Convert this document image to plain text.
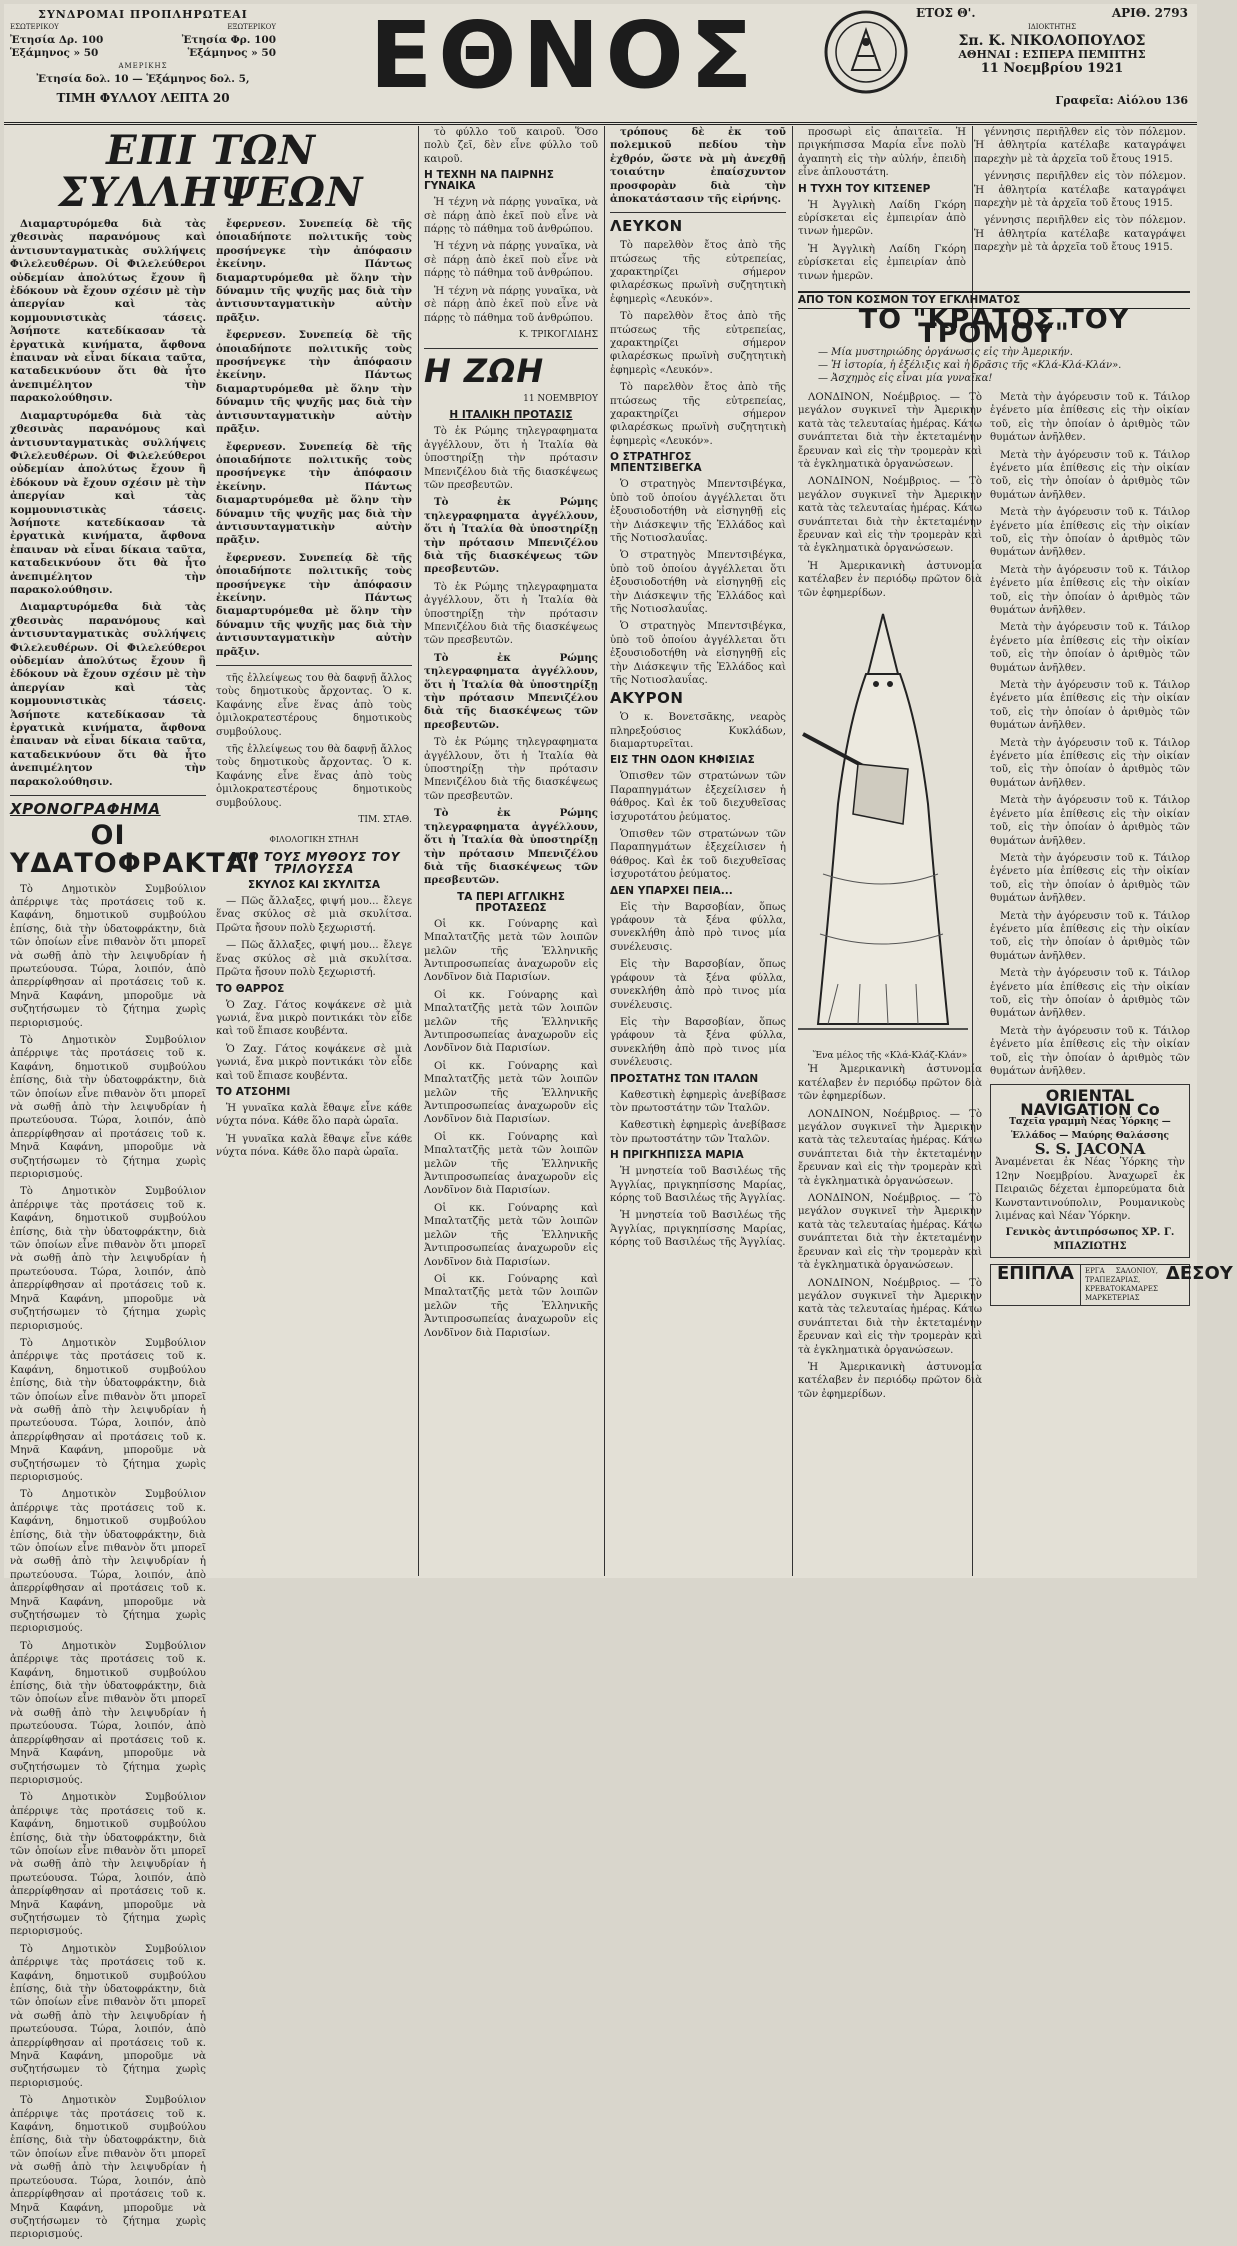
ΣΥΝΔΡΟΜΑΙ ΠΡΟΠΛΗΡΩΤΕΑΙ
ΕΣΩΤΕΡΙΚΟΥ	ΕΞΩΤΕΡΙΚΟΥ
Ἐτησία Δρ. 100	Ἐτησία Φρ. 100
Ἑξάμηνος » 50	Ἑξάμηνος » 50
ΑΜΕΡΙΚΗΣ
Ἐτησία δολ. 10 — Ἑξάμηνος δολ. 5,
ΤΙΜΗ ΦΥΛΛΟΥ ΛΕΠΤΑ 20	ΕΘΝΟΣ	ΕΤΟΣ Θ'.	ΑΡΙΘ. 2793
ΙΔΙΟΚΤΗΤΗΣ
Σπ. Κ. ΝΙΚΟΛΟΠΟΥΛΟΣ
ΑΘΗΝΑΙ : ΕΣΠΕΡΑ ΠΕΜΠΤΗΣ
11 Νοεμβρίου 1921
Γραφεῖα: Αἰόλου 136
ΕΠΙ ΤΩΝ ΣΥΛΛΗΨΕΩΝ

Διαμαρτυρόμεθα διὰ τὰς χθεσινὰς παρανόμους καὶ ἀντισυνταγματικὰς συλλήψεις Φιλελευθέρων. Οἱ Φιλελεύθεροι οὐδεμίαν ἀπολύτως ἔχουν ἢ ἐδόκουν νὰ ἔχουν σχέσιν μὲ τὴν ἀπεργίαν καὶ τὰς κομμουνιστικὰς τάσεις. Ἀσήποτε κατεδίκασαν τὰ ἐργατικὰ κινήματα, ἄφθονα ἐπαιναν νὰ εἶναι δίκαια ταῦτα, καταδεικνύουν ὅτι θὰ ἦτο ἀνεπιμέλητον τὴν παρακολούθησιν.

Διαμαρτυρόμεθα διὰ τὰς χθεσινὰς παρανόμους καὶ ἀντισυνταγματικὰς συλλήψεις Φιλελευθέρων. Οἱ Φιλελεύθεροι οὐδεμίαν ἀπολύτως ἔχουν ἢ ἐδόκουν νὰ ἔχουν σχέσιν μὲ τὴν ἀπεργίαν καὶ τὰς κομμουνιστικὰς τάσεις. Ἀσήποτε κατεδίκασαν τὰ ἐργατικὰ κινήματα, ἄφθονα ἐπαιναν νὰ εἶναι δίκαια ταῦτα, καταδεικνύουν ὅτι θὰ ἦτο ἀνεπιμέλητον τὴν παρακολούθησιν.

Διαμαρτυρόμεθα διὰ τὰς χθεσινὰς παρανόμους καὶ ἀντισυνταγματικὰς συλλήψεις Φιλελευθέρων. Οἱ Φιλελεύθεροι οὐδεμίαν ἀπολύτως ἔχουν ἢ ἐδόκουν νὰ ἔχουν σχέσιν μὲ τὴν ἀπεργίαν καὶ τὰς κομμουνιστικὰς τάσεις. Ἀσήποτε κατεδίκασαν τὰ ἐργατικὰ κινήματα, ἄφθονα ἐπαιναν νὰ εἶναι δίκαια ταῦτα, καταδεικνύουν ὅτι θὰ ἦτο ἀνεπιμέλητον τὴν παρακολούθησιν.

ΧΡΟΝΟΓΡΑΦΗΜΑ
ΟΙ ΥΔΑΤΟΦΡΑΚΤΑΙ

Τὸ Δημοτικὸν Συμβούλιον ἀπέρριψε τὰς προτάσεις τοῦ κ. Καφάνη, δημοτικοῦ συμβούλου ἐπίσης, διὰ τὴν ὑδατοφράκτην, διὰ τῶν ὁποίων εἶνε πιθανὸν ὅτι μπορεῖ νὰ σωθῇ ἀπὸ τὴν λειψυδρίαν ἡ πρωτεύουσα. Τώρα, λοιπόν, ἀπὸ ἀπερρίφθησαν αἱ προτάσεις τοῦ κ. Μηνᾶ Καφάνη, μποροῦμε νὰ συζητήσωμεν τὸ ζήτημα χωρὶς περιορισμούς.

Τὸ Δημοτικὸν Συμβούλιον ἀπέρριψε τὰς προτάσεις τοῦ κ. Καφάνη, δημοτικοῦ συμβούλου ἐπίσης, διὰ τὴν ὑδατοφράκτην, διὰ τῶν ὁποίων εἶνε πιθανὸν ὅτι μπορεῖ νὰ σωθῇ ἀπὸ τὴν λειψυδρίαν ἡ πρωτεύουσα. Τώρα, λοιπόν, ἀπὸ ἀπερρίφθησαν αἱ προτάσεις τοῦ κ. Μηνᾶ Καφάνη, μποροῦμε νὰ συζητήσωμεν τὸ ζήτημα χωρὶς περιορισμούς.

Τὸ Δημοτικὸν Συμβούλιον ἀπέρριψε τὰς προτάσεις τοῦ κ. Καφάνη, δημοτικοῦ συμβούλου ἐπίσης, διὰ τὴν ὑδατοφράκτην, διὰ τῶν ὁποίων εἶνε πιθανὸν ὅτι μπορεῖ νὰ σωθῇ ἀπὸ τὴν λειψυδρίαν ἡ πρωτεύουσα. Τώρα, λοιπόν, ἀπὸ ἀπερρίφθησαν αἱ προτάσεις τοῦ κ. Μηνᾶ Καφάνη, μποροῦμε νὰ συζητήσωμεν τὸ ζήτημα χωρὶς περιορισμούς.

Τὸ Δημοτικὸν Συμβούλιον ἀπέρριψε τὰς προτάσεις τοῦ κ. Καφάνη, δημοτικοῦ συμβούλου ἐπίσης, διὰ τὴν ὑδατοφράκτην, διὰ τῶν ὁποίων εἶνε πιθανὸν ὅτι μπορεῖ νὰ σωθῇ ἀπὸ τὴν λειψυδρίαν ἡ πρωτεύουσα. Τώρα, λοιπόν, ἀπὸ ἀπερρίφθησαν αἱ προτάσεις τοῦ κ. Μηνᾶ Καφάνη, μποροῦμε νὰ συζητήσωμεν τὸ ζήτημα χωρὶς περιορισμούς.

Τὸ Δημοτικὸν Συμβούλιον ἀπέρριψε τὰς προτάσεις τοῦ κ. Καφάνη, δημοτικοῦ συμβούλου ἐπίσης, διὰ τὴν ὑδατοφράκτην, διὰ τῶν ὁποίων εἶνε πιθανὸν ὅτι μπορεῖ νὰ σωθῇ ἀπὸ τὴν λειψυδρίαν ἡ πρωτεύουσα. Τώρα, λοιπόν, ἀπὸ ἀπερρίφθησαν αἱ προτάσεις τοῦ κ. Μηνᾶ Καφάνη, μποροῦμε νὰ συζητήσωμεν τὸ ζήτημα χωρὶς περιορισμούς.

Τὸ Δημοτικὸν Συμβούλιον ἀπέρριψε τὰς προτάσεις τοῦ κ. Καφάνη, δημοτικοῦ συμβούλου ἐπίσης, διὰ τὴν ὑδατοφράκτην, διὰ τῶν ὁποίων εἶνε πιθανὸν ὅτι μπορεῖ νὰ σωθῇ ἀπὸ τὴν λειψυδρίαν ἡ πρωτεύουσα. Τώρα, λοιπόν, ἀπὸ ἀπερρίφθησαν αἱ προτάσεις τοῦ κ. Μηνᾶ Καφάνη, μποροῦμε νὰ συζητήσωμεν τὸ ζήτημα χωρὶς περιορισμούς.

Τὸ Δημοτικὸν Συμβούλιον ἀπέρριψε τὰς προτάσεις τοῦ κ. Καφάνη, δημοτικοῦ συμβούλου ἐπίσης, διὰ τὴν ὑδατοφράκτην, διὰ τῶν ὁποίων εἶνε πιθανὸν ὅτι μπορεῖ νὰ σωθῇ ἀπὸ τὴν λειψυδρίαν ἡ πρωτεύουσα. Τώρα, λοιπόν, ἀπὸ ἀπερρίφθησαν αἱ προτάσεις τοῦ κ. Μηνᾶ Καφάνη, μποροῦμε νὰ συζητήσωμεν τὸ ζήτημα χωρὶς περιορισμούς.

Τὸ Δημοτικὸν Συμβούλιον ἀπέρριψε τὰς προτάσεις τοῦ κ. Καφάνη, δημοτικοῦ συμβούλου ἐπίσης, διὰ τὴν ὑδατοφράκτην, διὰ τῶν ὁποίων εἶνε πιθανὸν ὅτι μπορεῖ νὰ σωθῇ ἀπὸ τὴν λειψυδρίαν ἡ πρωτεύουσα. Τώρα, λοιπόν, ἀπὸ ἀπερρίφθησαν αἱ προτάσεις τοῦ κ. Μηνᾶ Καφάνη, μποροῦμε νὰ συζητήσωμεν τὸ ζήτημα χωρὶς περιορισμούς.

Τὸ Δημοτικὸν Συμβούλιον ἀπέρριψε τὰς προτάσεις τοῦ κ. Καφάνη, δημοτικοῦ συμβούλου ἐπίσης, διὰ τὴν ὑδατοφράκτην, διὰ τῶν ὁποίων εἶνε πιθανὸν ὅτι μπορεῖ νὰ σωθῇ ἀπὸ τὴν λειψυδρίαν ἡ πρωτεύουσα. Τώρα, λοιπόν, ἀπὸ ἀπερρίφθησαν αἱ προτάσεις τοῦ κ. Μηνᾶ Καφάνη, μποροῦμε νὰ συζητήσωμεν τὸ ζήτημα χωρὶς περιορισμούς.

ἔφερνεσν. Συνεπείᾳ δὲ τῆς ὁποιαδήποτε πολιτικῆς τοὺς προσήνεγκε τὴν ἀπόφασιν ἐκείνην. Πάντως διαμαρτυρόμεθα μὲ ὅλην τὴν δύναμιν τῆς ψυχῆς μας διὰ τὴν ἀντισυνταγματικὴν αὐτὴν πρᾶξιν.

ἔφερνεσν. Συνεπείᾳ δὲ τῆς ὁποιαδήποτε πολιτικῆς τοὺς προσήνεγκε τὴν ἀπόφασιν ἐκείνην. Πάντως διαμαρτυρόμεθα μὲ ὅλην τὴν δύναμιν τῆς ψυχῆς μας διὰ τὴν ἀντισυνταγματικὴν αὐτὴν πρᾶξιν.

ἔφερνεσν. Συνεπείᾳ δὲ τῆς ὁποιαδήποτε πολιτικῆς τοὺς προσήνεγκε τὴν ἀπόφασιν ἐκείνην. Πάντως διαμαρτυρόμεθα μὲ ὅλην τὴν δύναμιν τῆς ψυχῆς μας διὰ τὴν ἀντισυνταγματικὴν αὐτὴν πρᾶξιν.

ἔφερνεσν. Συνεπείᾳ δὲ τῆς ὁποιαδήποτε πολιτικῆς τοὺς προσήνεγκε τὴν ἀπόφασιν ἐκείνην. Πάντως διαμαρτυρόμεθα μὲ ὅλην τὴν δύναμιν τῆς ψυχῆς μας διὰ τὴν ἀντισυνταγματικὴν αὐτὴν πρᾶξιν.

τῆς ἐλλείψεως του θὰ δαφνῇ ἄλλος τοὺς δημοτικοὺς ἄρχοντας. Ὁ κ. Καφάνης εἶνε ἕνας ἀπὸ τοὺς ὁμιλοκρατεστέρους δημοτικοὺς συμβούλους.

τῆς ἐλλείψεως του θὰ δαφνῇ ἄλλος τοὺς δημοτικοὺς ἄρχοντας. Ὁ κ. Καφάνης εἶνε ἕνας ἀπὸ τοὺς ὁμιλοκρατεστέρους δημοτικοὺς συμβούλους.

ΤΙΜ. ΣΤΑΘ.
ΦΙΛΟΛΟΓΙΚΗ ΣΤΗΛΗ
ΑΠΟ ΤΟΥΣ ΜΥΘΟΥΣ ΤΟΥ ΤΡΙΛΟΥΣΣΑ
ΣΚΥΛΟΣ ΚΑΙ ΣΚΥΛΙΤΣΑ

— Πῶς ἄλλαξες, φιψή μου... ἔλεγε ἕνας σκύλος σὲ μιὰ σκυλίτσα. Πρῶτα ἤσουν πολὺ ξεχωριστή.

— Πῶς ἄλλαξες, φιψή μου... ἔλεγε ἕνας σκύλος σὲ μιὰ σκυλίτσα. Πρῶτα ἤσουν πολὺ ξεχωριστή.

ΤΟ ΘΑΡΡΟΣ

Ὁ Ζαχ. Γάτος κοψάκενε σὲ μιὰ γωνιά, ἕνα μικρὸ ποντικάκι τὸν εἶδε καὶ τοῦ ἔπιασε κουβέντα.

Ὁ Ζαχ. Γάτος κοψάκενε σὲ μιὰ γωνιά, ἕνα μικρὸ ποντικάκι τὸν εἶδε καὶ τοῦ ἔπιασε κουβέντα.

ΤΟ ΑΤΣΟΗΜΙ

Ἡ γυναῖκα καλὰ ἔθαψε εἶνε κάθε νύχτα πόνα. Κάθε ὅλο παρὰ ὡραῖα.

Ἡ γυναῖκα καλὰ ἔθαψε εἶνε κάθε νύχτα πόνα. Κάθε ὅλο παρὰ ὡραῖα.

τὸ φύλλο τοῦ καιροῦ. Ὅσο πολὺ ζεῖ, δὲν εἶνε φύλλο τοῦ καιροῦ.

Η ΤΕΧΝΗ ΝΑ ΠΑΙΡΝΗΣ ΓΥΝΑΙΚΑ

Ἡ τέχνη νὰ πάρῃς γυναῖκα, νὰ σὲ πάρῃ ἀπὸ ἐκεῖ ποὺ εἶνε νὰ πάρῃς τὸ πάθημα τοῦ ἀνθρώπου.

Ἡ τέχνη νὰ πάρῃς γυναῖκα, νὰ σὲ πάρῃ ἀπὸ ἐκεῖ ποὺ εἶνε νὰ πάρῃς τὸ πάθημα τοῦ ἀνθρώπου.

Ἡ τέχνη νὰ πάρῃς γυναῖκα, νὰ σὲ πάρῃ ἀπὸ ἐκεῖ ποὺ εἶνε νὰ πάρῃς τὸ πάθημα τοῦ ἀνθρώπου.

Κ. ΤΡΙΚΟΓΛΙΔΗΣ
Η ΖΩΗ
11 ΝΟΕΜΒΡΙΟΥ
Η ΙΤΑΛΙΚΗ ΠΡΟΤΑΣΙΣ

Τὸ ἐκ Ρώμης τηλεγραφηματα ἀγγέλλουν, ὅτι ἡ Ἰταλία θὰ ὑποστηρίξῃ τὴν πρότασιν Μπενιζέλου διὰ τῆς διασκέψεως τῶν πρεσβευτῶν.

Τὸ ἐκ Ρώμης τηλεγραφηματα ἀγγέλλουν, ὅτι ἡ Ἰταλία θὰ ὑποστηρίξῃ τὴν πρότασιν Μπενιζέλου διὰ τῆς διασκέψεως τῶν πρεσβευτῶν.

Τὸ ἐκ Ρώμης τηλεγραφηματα ἀγγέλλουν, ὅτι ἡ Ἰταλία θὰ ὑποστηρίξῃ τὴν πρότασιν Μπενιζέλου διὰ τῆς διασκέψεως τῶν πρεσβευτῶν.

Τὸ ἐκ Ρώμης τηλεγραφηματα ἀγγέλλουν, ὅτι ἡ Ἰταλία θὰ ὑποστηρίξῃ τὴν πρότασιν Μπενιζέλου διὰ τῆς διασκέψεως τῶν πρεσβευτῶν.

Τὸ ἐκ Ρώμης τηλεγραφηματα ἀγγέλλουν, ὅτι ἡ Ἰταλία θὰ ὑποστηρίξῃ τὴν πρότασιν Μπενιζέλου διὰ τῆς διασκέψεως τῶν πρεσβευτῶν.

Τὸ ἐκ Ρώμης τηλεγραφηματα ἀγγέλλουν, ὅτι ἡ Ἰταλία θὰ ὑποστηρίξῃ τὴν πρότασιν Μπενιζέλου διὰ τῆς διασκέψεως τῶν πρεσβευτῶν.

ΤΑ ΠΕΡΙ ΑΓΓΛΙΚΗΣ ΠΡΟΤΑΣΕΩΣ

Οἱ κκ. Γούναρης καὶ Μπαλτατζῆς μετὰ τῶν λοιπῶν μελῶν τῆς Ἑλληνικῆς Ἀντιπροσωπείας ἀναχωροῦν εἰς Λονδῖνον διὰ Παρισίων.

Οἱ κκ. Γούναρης καὶ Μπαλτατζῆς μετὰ τῶν λοιπῶν μελῶν τῆς Ἑλληνικῆς Ἀντιπροσωπείας ἀναχωροῦν εἰς Λονδῖνον διὰ Παρισίων.

Οἱ κκ. Γούναρης καὶ Μπαλτατζῆς μετὰ τῶν λοιπῶν μελῶν τῆς Ἑλληνικῆς Ἀντιπροσωπείας ἀναχωροῦν εἰς Λονδῖνον διὰ Παρισίων.

Οἱ κκ. Γούναρης καὶ Μπαλτατζῆς μετὰ τῶν λοιπῶν μελῶν τῆς Ἑλληνικῆς Ἀντιπροσωπείας ἀναχωροῦν εἰς Λονδῖνον διὰ Παρισίων.

Οἱ κκ. Γούναρης καὶ Μπαλτατζῆς μετὰ τῶν λοιπῶν μελῶν τῆς Ἑλληνικῆς Ἀντιπροσωπείας ἀναχωροῦν εἰς Λονδῖνον διὰ Παρισίων.

Οἱ κκ. Γούναρης καὶ Μπαλτατζῆς μετὰ τῶν λοιπῶν μελῶν τῆς Ἑλληνικῆς Ἀντιπροσωπείας ἀναχωροῦν εἰς Λονδῖνον διὰ Παρισίων.

τρόπους δὲ ἐκ τοῦ πολεμικοῦ πεδίου τὴν ἐχθρόν, ὥστε νὰ μὴ ἀνεχθῇ τοιαύτην ἐπαίσχυντον προσφορὰν διὰ τὴν ἀποκατάστασιν τῆς εἰρήνης.

ΛΕΥΚΟΝ

Τὸ παρελθὸν ἔτος ἀπὸ τῆς πτώσεως τῆς εὐτρεπείας, χαρακτηρίζει σήμερον φιλαρέσκως πρωϊνὴ συζητητικὴ ἐφημερὶς «Λευκόν».

Τὸ παρελθὸν ἔτος ἀπὸ τῆς πτώσεως τῆς εὐτρεπείας, χαρακτηρίζει σήμερον φιλαρέσκως πρωϊνὴ συζητητικὴ ἐφημερὶς «Λευκόν».

Τὸ παρελθὸν ἔτος ἀπὸ τῆς πτώσεως τῆς εὐτρεπείας, χαρακτηρίζει σήμερον φιλαρέσκως πρωϊνὴ συζητητικὴ ἐφημερὶς «Λευκόν».

Ο ΣΤΡΑΤΗΓΟΣ ΜΠΕΝΤΣΙΒΕΓΚΑ

Ὁ στρατηγὸς Μπεντσιβέγκα, ὑπὸ τοῦ ὁποίου ἀγγέλλεται ὅτι ἐξουσιοδοτήθη νὰ εἰσηγηθῇ εἰς τὴν Διάσκεψιν τῆς Ἑλλάδος καὶ τῆς Νοτιοσλαυΐας.

Ὁ στρατηγὸς Μπεντσιβέγκα, ὑπὸ τοῦ ὁποίου ἀγγέλλεται ὅτι ἐξουσιοδοτήθη νὰ εἰσηγηθῇ εἰς τὴν Διάσκεψιν τῆς Ἑλλάδος καὶ τῆς Νοτιοσλαυΐας.

Ὁ στρατηγὸς Μπεντσιβέγκα, ὑπὸ τοῦ ὁποίου ἀγγέλλεται ὅτι ἐξουσιοδοτήθη νὰ εἰσηγηθῇ εἰς τὴν Διάσκεψιν τῆς Ἑλλάδος καὶ τῆς Νοτιοσλαυΐας.

ΑΚΥΡΟΝ

Ὁ κ. Βονετσᾶκης, νεαρὸς πληρεξούσιος Κυκλάδων, διαμαρτυρεῖται.

ΕΙΣ ΤΗΝ ΟΔΟΝ ΚΗΦΙΣΙΑΣ

Ὁπισθεν τῶν στρατώνων τῶν Παραπηγμάτων ἐξεχείλισεν ἡ θάθρος. Καὶ ἐκ τοῦ διεχυθεῖσας ἰσχυροτάτου ῥεύματος.

Ὁπισθεν τῶν στρατώνων τῶν Παραπηγμάτων ἐξεχείλισεν ἡ θάθρος. Καὶ ἐκ τοῦ διεχυθεῖσας ἰσχυροτάτου ῥεύματος.

ΔΕΝ ΥΠΑΡΧΕΙ ΠΕΙΑ...

Εἰς τὴν Βαρσοβίαν, ὅπως γράφουν τὰ ξένα φύλλα, συνεκλήθη ἀπὸ πρὸ τινος μία συνέλευσις.

Εἰς τὴν Βαρσοβίαν, ὅπως γράφουν τὰ ξένα φύλλα, συνεκλήθη ἀπὸ πρὸ τινος μία συνέλευσις.

Εἰς τὴν Βαρσοβίαν, ὅπως γράφουν τὰ ξένα φύλλα, συνεκλήθη ἀπὸ πρὸ τινος μία συνέλευσις.

ΠΡΟΣΤΑΤΗΣ ΤΩΝ ΙΤΑΛΩΝ

Καθεστικὴ ἐφημερὶς ἀνεβίβασε τὸν πρωτοστάτην τῶν Ἰταλῶν.

Καθεστικὴ ἐφημερὶς ἀνεβίβασε τὸν πρωτοστάτην τῶν Ἰταλῶν.

Η ΠΡΙΓΚΗΠΙΣΣΑ ΜΑΡΙΑ

Ἡ μνηστεία τοῦ Βασιλέως τῆς Ἀγγλίας, πριγκηπίσσης Μαρίας, κόρης τοῦ Βασιλέως τῆς Ἀγγλίας.

Ἡ μνηστεία τοῦ Βασιλέως τῆς Ἀγγλίας, πριγκηπίσσης Μαρίας, κόρης τοῦ Βασιλέως τῆς Ἀγγλίας.

προσωρὶ εἰς ἀπαιτεῖα. Ἡ πριγκήπισσα Μαρία εἶνε πολὺ ἀγαπητὴ εἰς τὴν αὐλήν, ἐπειδὴ εἶνε ἀπλουστάτη.

Η ΤΥΧΗ ΤΟΥ ΚΙΤΣΕΝΕΡ

Ἡ Ἀγγλικὴ Λαίδη Γκόρη εὐρίσκεται εἰς ἐμπειρίαν ἀπὸ τινων ἡμερῶν.

Ἡ Ἀγγλικὴ Λαίδη Γκόρη εὐρίσκεται εἰς ἐμπειρίαν ἀπὸ τινων ἡμερῶν.

γέννησις περιῆλθεν εἰς τὸν πόλεμον. Ἡ ἀθλητρία κατέλαβε καταγράψει παρεχὴν μὲ τὰ ἀρχεῖα τοῦ ἔτους 1915.

γέννησις περιῆλθεν εἰς τὸν πόλεμον. Ἡ ἀθλητρία κατέλαβε καταγράψει παρεχὴν μὲ τὰ ἀρχεῖα τοῦ ἔτους 1915.

γέννησις περιῆλθεν εἰς τὸν πόλεμον. Ἡ ἀθλητρία κατέλαβε καταγράψει παρεχὴν μὲ τὰ ἀρχεῖα τοῦ ἔτους 1915.

ΑΠΟ ΤΟΝ ΚΟΣΜΟΝ ΤΟΥ ΕΓΚΛΗΜΑΤΟΣ
ΤΟ "ΚΡΑΤΟΣ ΤΟΥ ΤΡΟΜΟΥ"
— Μία μυστηριώδης ὀργάνωσις εἰς τὴν Ἀμερικήν.
— Ἡ ἱστορία, ἡ ἐξέλιξις καὶ ἡ δρᾶσις τῆς «Κλά-Κλά-Κλάν».
— Ἀσχημὸς εἰς εἶναι μία γυναῖκα!

ΛΟΝΔΙΝΟΝ, Νοέμβριος. — Τὸ μεγάλον συγκινεῖ τὴν Ἀμερικὴν κατὰ τὰς τελευταίας ἡμέρας. Κάτω συνάπτεται διὰ τὴν ἐκτεταμένην ἔρευναν καὶ εἰς τὴν τρομερὰν καὶ τὰ ἐγκληματικὰ ὀργανώσεων.

ΛΟΝΔΙΝΟΝ, Νοέμβριος. — Τὸ μεγάλον συγκινεῖ τὴν Ἀμερικὴν κατὰ τὰς τελευταίας ἡμέρας. Κάτω συνάπτεται διὰ τὴν ἐκτεταμένην ἔρευναν καὶ εἰς τὴν τρομερὰν καὶ τὰ ἐγκληματικὰ ὀργανώσεων.

Ἡ Ἀμερικανικὴ ἀστυνομία κατέλαβεν ἐν περιόδῳ πρῶτον διὰ τῶν ἐφημερίδων.

Ἕνα μέλος τῆς «Κλά-Κλάζ-Κλάν»

Ἡ Ἀμερικανικὴ ἀστυνομία κατέλαβεν ἐν περιόδῳ πρῶτον διὰ τῶν ἐφημερίδων.

ΛΟΝΔΙΝΟΝ, Νοέμβριος. — Τὸ μεγάλον συγκινεῖ τὴν Ἀμερικὴν κατὰ τὰς τελευταίας ἡμέρας. Κάτω συνάπτεται διὰ τὴν ἐκτεταμένην ἔρευναν καὶ εἰς τὴν τρομερὰν καὶ τὰ ἐγκληματικὰ ὀργανώσεων.

ΛΟΝΔΙΝΟΝ, Νοέμβριος. — Τὸ μεγάλον συγκινεῖ τὴν Ἀμερικὴν κατὰ τὰς τελευταίας ἡμέρας. Κάτω συνάπτεται διὰ τὴν ἐκτεταμένην ἔρευναν καὶ εἰς τὴν τρομερὰν καὶ τὰ ἐγκληματικὰ ὀργανώσεων.

ΛΟΝΔΙΝΟΝ, Νοέμβριος. — Τὸ μεγάλον συγκινεῖ τὴν Ἀμερικὴν κατὰ τὰς τελευταίας ἡμέρας. Κάτω συνάπτεται διὰ τὴν ἐκτεταμένην ἔρευναν καὶ εἰς τὴν τρομερὰν καὶ τὰ ἐγκληματικὰ ὀργανώσεων.

Ἡ Ἀμερικανικὴ ἀστυνομία κατέλαβεν ἐν περιόδῳ πρῶτον διὰ τῶν ἐφημερίδων.

Μετὰ τὴν ἀγόρευσιν τοῦ κ. Τάιλορ ἐγένετο μία ἐπίθεσις εἰς τὴν οἰκίαν τοῦ, εἰς τὴν ὁποίαν ὁ ἀριθμὸς τῶν θυμάτων ἀνῆλθεν.

Μετὰ τὴν ἀγόρευσιν τοῦ κ. Τάιλορ ἐγένετο μία ἐπίθεσις εἰς τὴν οἰκίαν τοῦ, εἰς τὴν ὁποίαν ὁ ἀριθμὸς τῶν θυμάτων ἀνῆλθεν.

Μετὰ τὴν ἀγόρευσιν τοῦ κ. Τάιλορ ἐγένετο μία ἐπίθεσις εἰς τὴν οἰκίαν τοῦ, εἰς τὴν ὁποίαν ὁ ἀριθμὸς τῶν θυμάτων ἀνῆλθεν.

Μετὰ τὴν ἀγόρευσιν τοῦ κ. Τάιλορ ἐγένετο μία ἐπίθεσις εἰς τὴν οἰκίαν τοῦ, εἰς τὴν ὁποίαν ὁ ἀριθμὸς τῶν θυμάτων ἀνῆλθεν.

Μετὰ τὴν ἀγόρευσιν τοῦ κ. Τάιλορ ἐγένετο μία ἐπίθεσις εἰς τὴν οἰκίαν τοῦ, εἰς τὴν ὁποίαν ὁ ἀριθμὸς τῶν θυμάτων ἀνῆλθεν.

Μετὰ τὴν ἀγόρευσιν τοῦ κ. Τάιλορ ἐγένετο μία ἐπίθεσις εἰς τὴν οἰκίαν τοῦ, εἰς τὴν ὁποίαν ὁ ἀριθμὸς τῶν θυμάτων ἀνῆλθεν.

Μετὰ τὴν ἀγόρευσιν τοῦ κ. Τάιλορ ἐγένετο μία ἐπίθεσις εἰς τὴν οἰκίαν τοῦ, εἰς τὴν ὁποίαν ὁ ἀριθμὸς τῶν θυμάτων ἀνῆλθεν.

Μετὰ τὴν ἀγόρευσιν τοῦ κ. Τάιλορ ἐγένετο μία ἐπίθεσις εἰς τὴν οἰκίαν τοῦ, εἰς τὴν ὁποίαν ὁ ἀριθμὸς τῶν θυμάτων ἀνῆλθεν.

Μετὰ τὴν ἀγόρευσιν τοῦ κ. Τάιλορ ἐγένετο μία ἐπίθεσις εἰς τὴν οἰκίαν τοῦ, εἰς τὴν ὁποίαν ὁ ἀριθμὸς τῶν θυμάτων ἀνῆλθεν.

Μετὰ τὴν ἀγόρευσιν τοῦ κ. Τάιλορ ἐγένετο μία ἐπίθεσις εἰς τὴν οἰκίαν τοῦ, εἰς τὴν ὁποίαν ὁ ἀριθμὸς τῶν θυμάτων ἀνῆλθεν.

Μετὰ τὴν ἀγόρευσιν τοῦ κ. Τάιλορ ἐγένετο μία ἐπίθεσις εἰς τὴν οἰκίαν τοῦ, εἰς τὴν ὁποίαν ὁ ἀριθμὸς τῶν θυμάτων ἀνῆλθεν.

Μετὰ τὴν ἀγόρευσιν τοῦ κ. Τάιλορ ἐγένετο μία ἐπίθεσις εἰς τὴν οἰκίαν τοῦ, εἰς τὴν ὁποίαν ὁ ἀριθμὸς τῶν θυμάτων ἀνῆλθεν.

ORIENTAL NAVIGATION Co
Ταχεῖα γραμμὴ Νέας Ὑόρκης — Ἑλλάδος — Μαύρης Θαλάσσης
S. S. JACONA
Ἀναμένεται ἐκ Νέας Ὑόρκης τὴν 12ην Νοεμβρίου. Ἀναχωρεῖ ἐκ Πειραιῶς δέχεται ἐμπορεύματα διὰ Κωνσταντινούπολιν, Ρουμανικοὺς λιμένας καὶ Νέαν Ὑόρκην.
Γενικὸς ἀντιπρόσωπος ΧΡ. Γ. ΜΠΑΖΙΩΤΗΣ
ΕΠΙΠΛΑ	ΕΡΓΑ ΣΑΛΟΝΙΟΥ, ΤΡΑΠΕΖΑΡΙΑΣ, ΚΡΕΒΑΤΟΚΑΜΑΡΕΣ ΜΑΡΚΕΤΕΡΙΑΣ
ΔΕΣΟΥ
